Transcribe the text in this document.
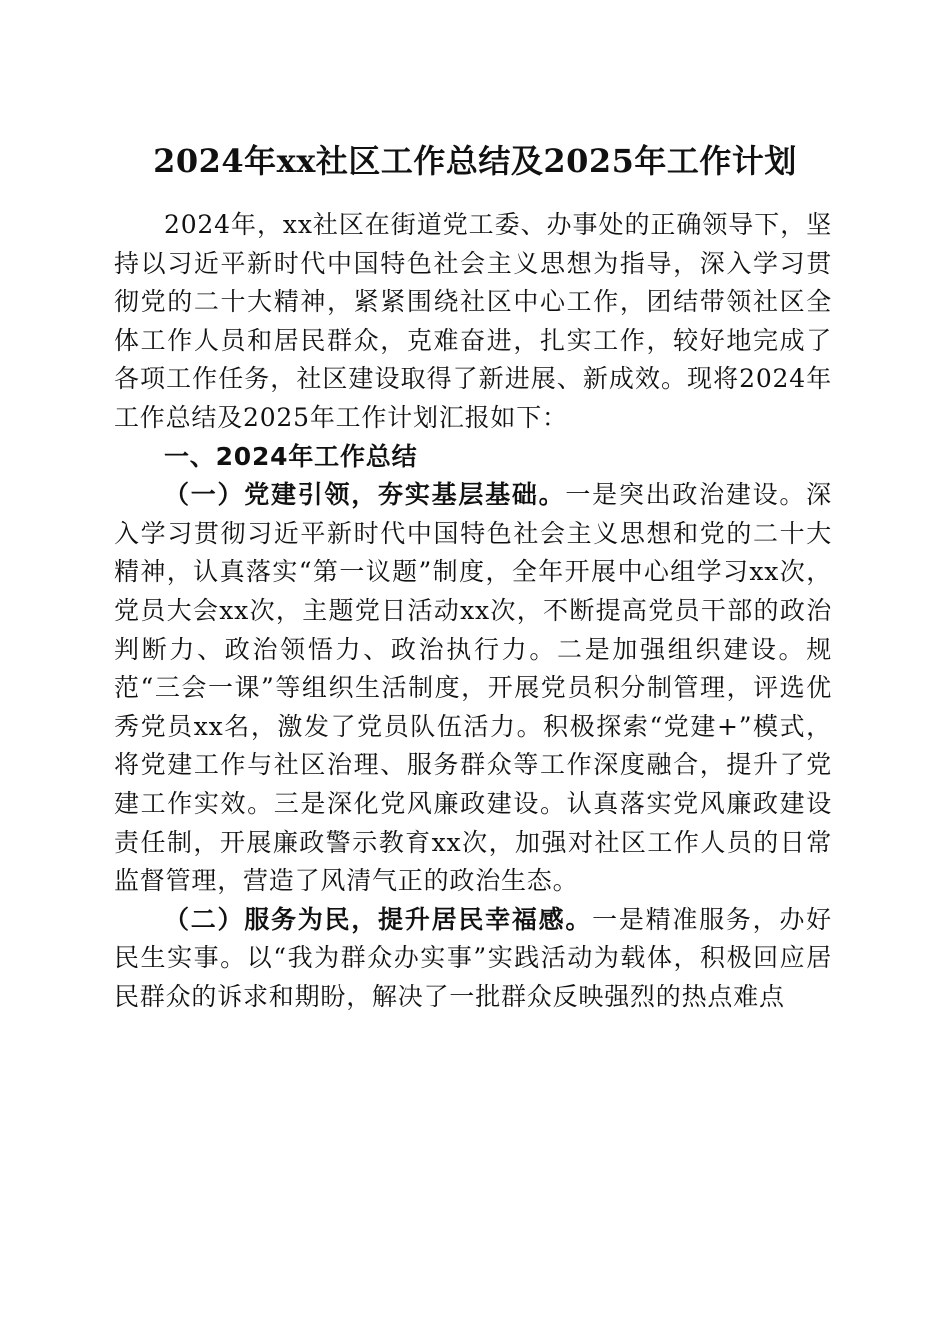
2024年xx社区工作总结及2025年工作计划

2024年，xx社区在街道党工委、办事处的正确领导下，坚持以习近平新时代中国特色社会主义思想为指导，深入学习贯彻党的二十大精神，紧紧围绕社区中心工作，团结带领社区全体工作人员和居民群众，克难奋进，扎实工作，较好地完成了各项工作任务，社区建设取得了新进展、新成效。现将2024年工作总结及2025年工作计划汇报如下：

一、2024年工作总结

（一）党建引领，夯实基层基础。一是突出政治建设。深入学习贯彻习近平新时代中国特色社会主义思想和党的二十大精神，认真落实“第一议题”制度，全年开展中心组学习xx次，党员大会xx次，主题党日活动xx次，不断提高党员干部的政治判断力、政治领悟力、政治执行力。二是加强组织建设。规范“三会一课”等组织生活制度，开展党员积分制管理，评选优秀党员xx名，激发了党员队伍活力。积极探索“党建+”模式，将党建工作与社区治理、服务群众等工作深度融合，提升了党建工作实效。三是深化党风廉政建设。认真落实党风廉政建设责任制，开展廉政警示教育xx次，加强对社区工作人员的日常监督管理，营造了风清气正的政治生态。

（二）服务为民，提升居民幸福感。一是精准服务，办好民生实事。以“我为群众办实事”实践活动为载体，积极回应居民群众的诉求和期盼，解决了一批群众反映强烈的热点难点
